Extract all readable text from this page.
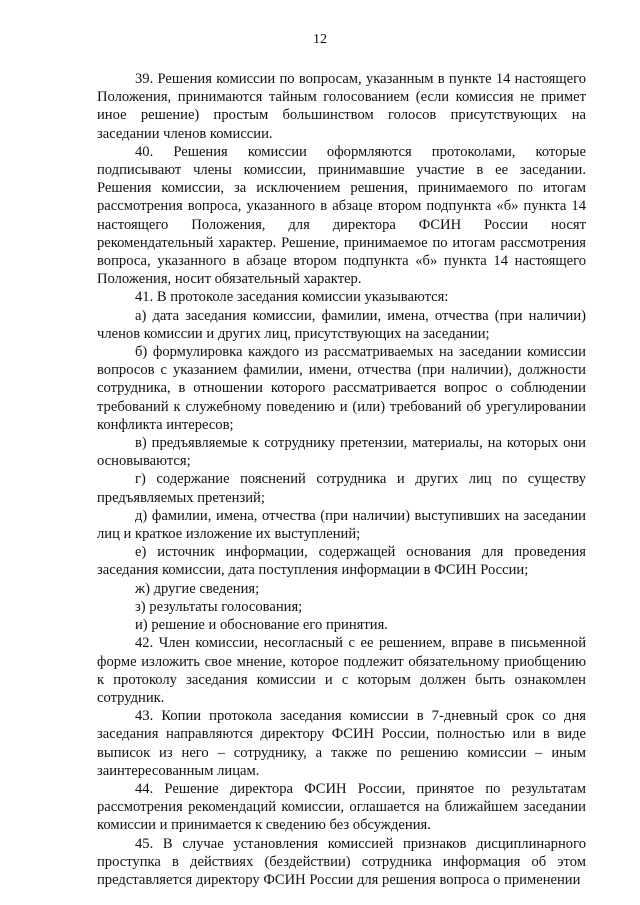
12

39. Решения комиссии по вопросам, указанным в пункте 14 настоящего Положения, принимаются тайным голосованием (если комиссия не примет иное решение) простым большинством голосов присутствующих на заседании членов комиссии.

40. Решения комиссии оформляются протоколами, которые подписывают члены комиссии, принимавшие участие в ее заседании. Решения комиссии, за исключением решения, принимаемого по итогам рассмотрения вопроса, указанного в абзаце втором подпункта «б» пункта 14 настоящего Положения, для директора ФСИН России носят рекомендательный характер. Решение, принимаемое по итогам рассмотрения вопроса, указанного в абзаце втором подпункта «б» пункта 14 настоящего Положения, носит обязательный характер.

41. В протоколе заседания комиссии указываются:

а) дата заседания комиссии, фамилии, имена, отчества (при наличии) членов комиссии и других лиц, присутствующих на заседании;

б) формулировка каждого из рассматриваемых на заседании комиссии вопросов с указанием фамилии, имени, отчества (при наличии), должности сотрудника, в отношении которого рассматривается вопрос о соблюдении требований к служебному поведению и (или) требований об урегулировании конфликта интересов;

в) предъявляемые к сотруднику претензии, материалы, на которых они основываются;

г) содержание пояснений сотрудника и других лиц по существу предъявляемых претензий;

д) фамилии, имена, отчества (при наличии) выступивших на заседании лиц и краткое изложение их выступлений;

е) источник информации, содержащей основания для проведения заседания комиссии, дата поступления информации в ФСИН России;

ж) другие сведения;

з) результаты голосования;

и) решение и обоснование его принятия.

42. Член комиссии, несогласный с ее решением, вправе в письменной форме изложить свое мнение, которое подлежит обязательному приобщению к протоколу заседания комиссии и с которым должен быть ознакомлен сотрудник.

43. Копии протокола заседания комиссии в 7-дневный срок со дня заседания направляются директору ФСИН России, полностью или в виде выписок из него – сотруднику, а также по решению комиссии – иным заинтересованным лицам.

44. Решение директора ФСИН России, принятое по результатам рассмотрения рекомендаций комиссии, оглашается на ближайшем заседании комиссии и принимается к сведению без обсуждения.

45. В случае установления комиссией признаков дисциплинарного проступка в действиях (бездействии) сотрудника информация об этом представляется директору ФСИН России для решения вопроса о применении
